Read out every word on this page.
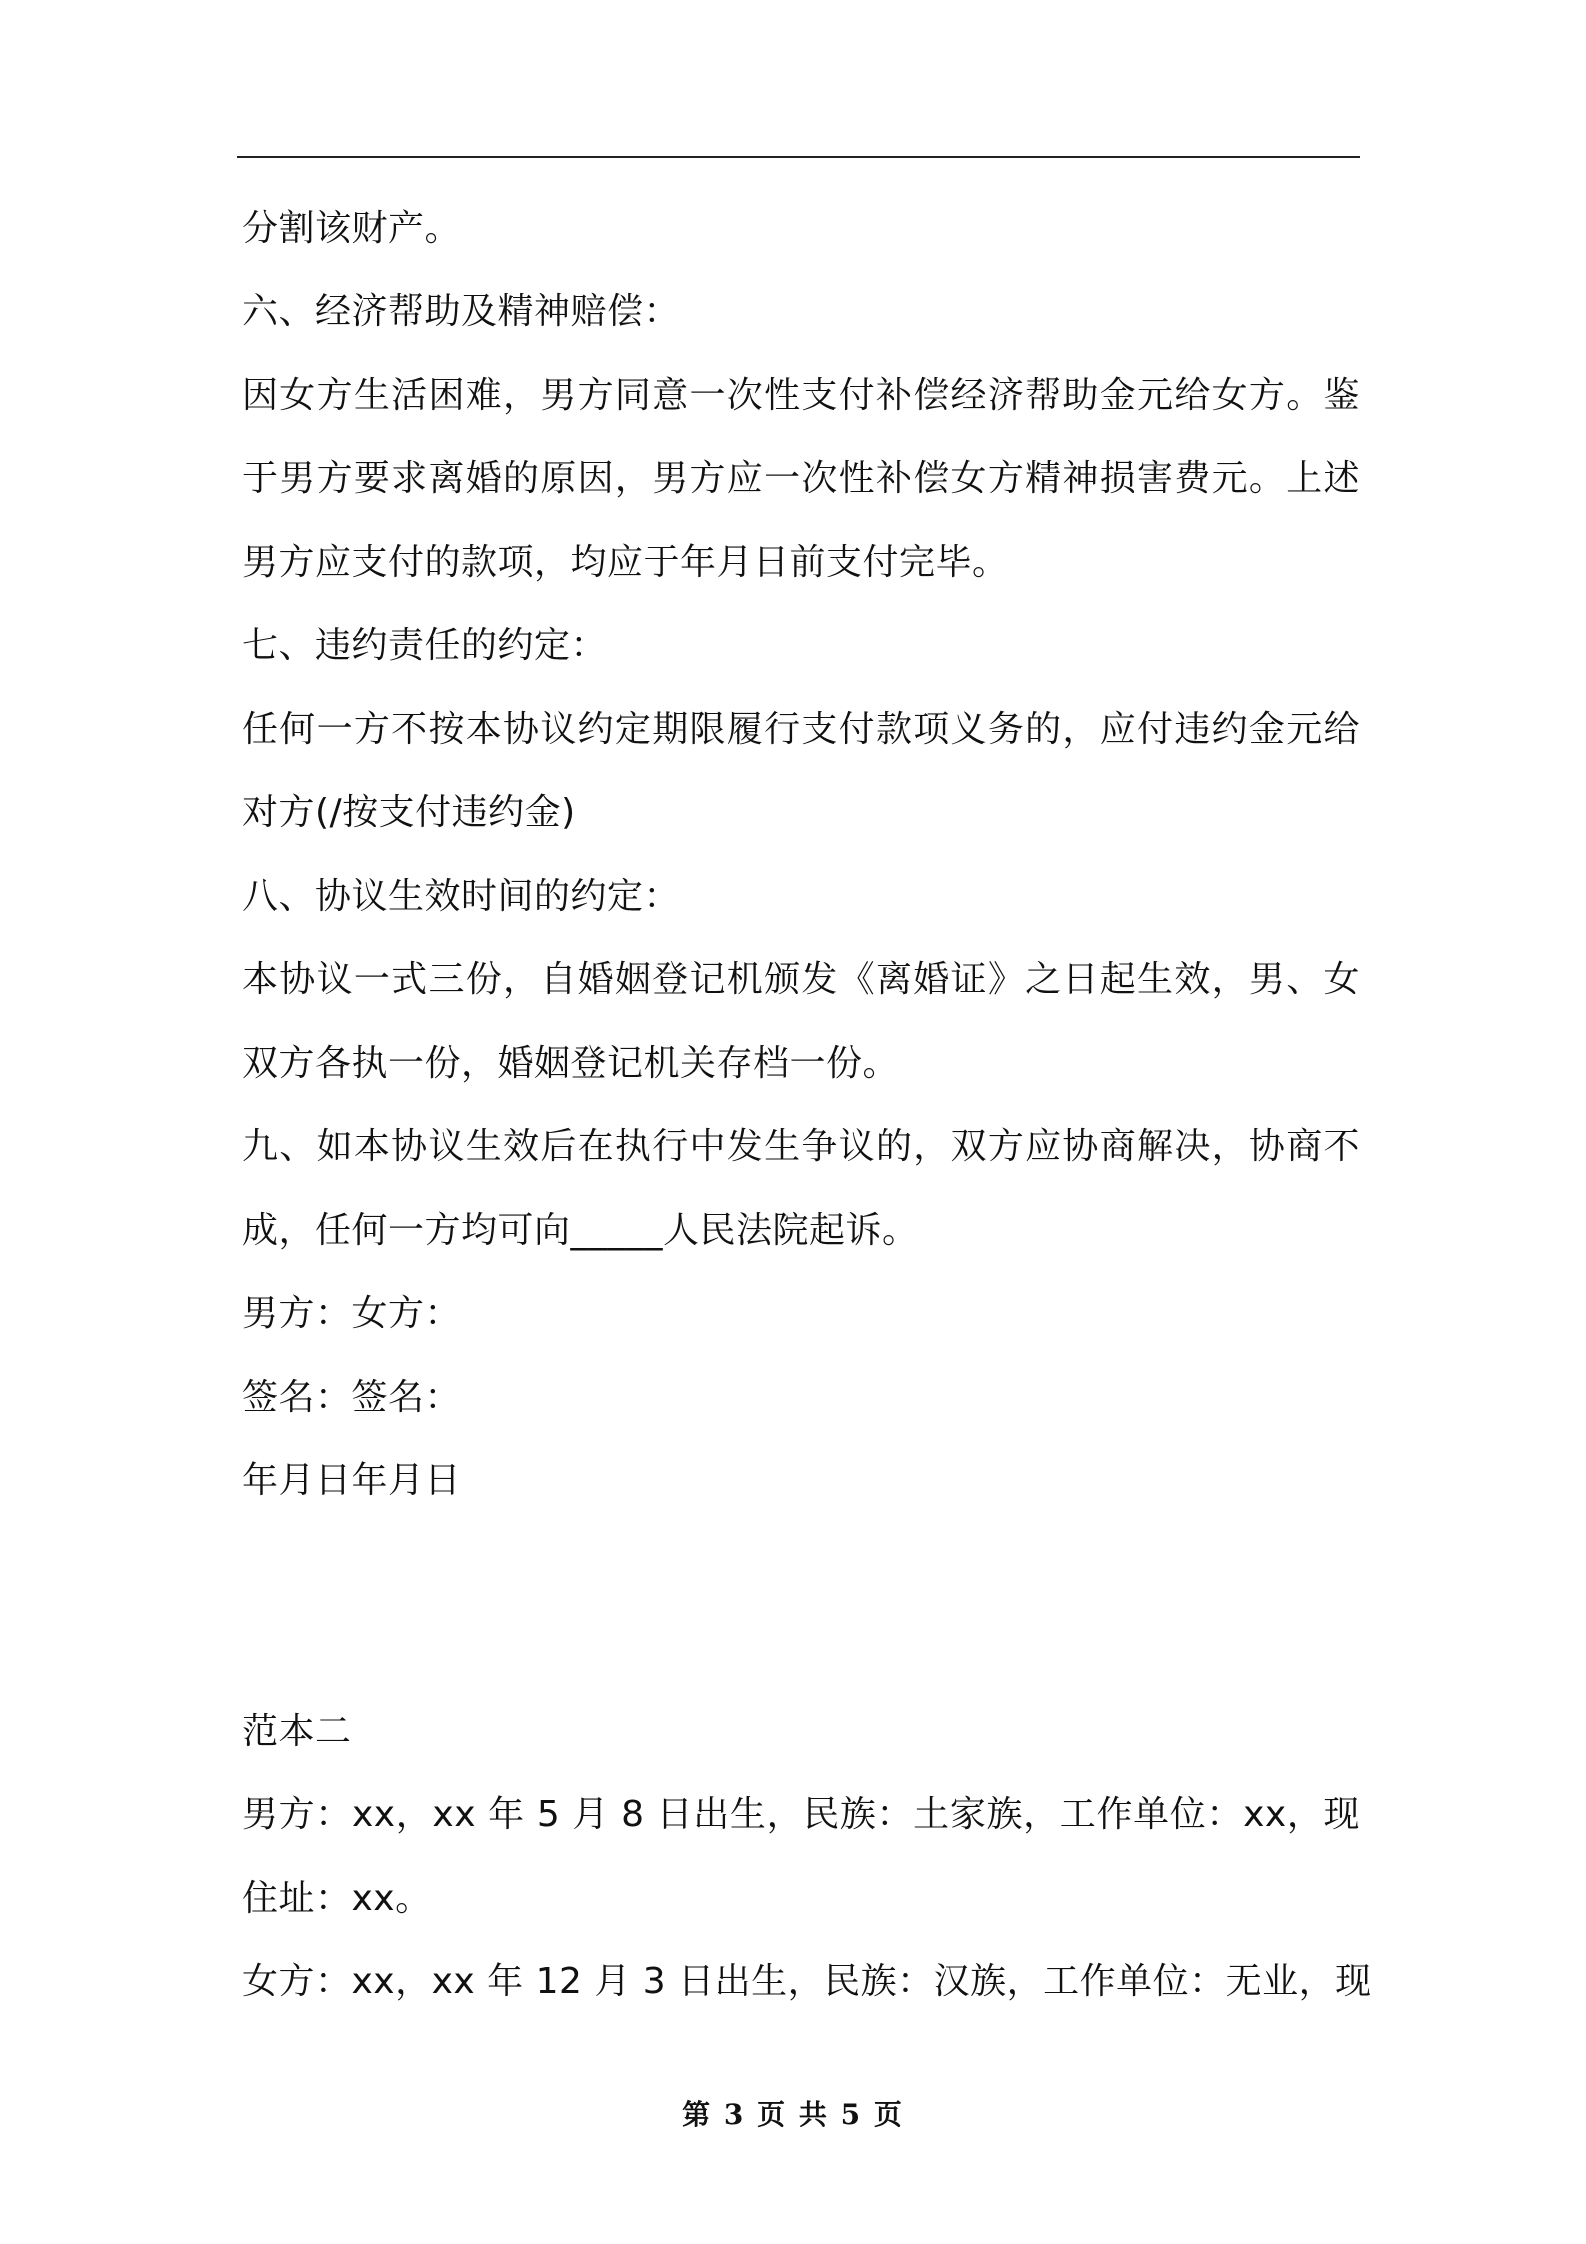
分割该财产。
六、经济帮助及精神赔偿：
因女方生活困难，男方同意一次性支付补偿经济帮助金元给女方。鉴
于男方要求离婚的原因，男方应一次性补偿女方精神损害费元。上述
男方应支付的款项，均应于年月日前支付完毕。
七、违约责任的约定：
任何一方不按本协议约定期限履行支付款项义务的，应付违约金元给
对方(/按支付违约金)
八、协议生效时间的约定：
本协议一式三份，自婚姻登记机颁发《离婚证》之日起生效，男、女
双方各执一份，婚姻登记机关存档一份。
九、如本协议生效后在执行中发生争议的，双方应协商解决，协商不
成，任何一方均可向_____人民法院起诉。
男方：女方：
签名：签名：
年月日年月日
范本二
男方：xx，xx 年 5 月 8 日出生，民族：土家族，工作单位：xx，现
住址：xx。
女方：xx，xx 年 12 月 3 日出生，民族：汉族，工作单位：无业，现
第 3 页 共 5 页
